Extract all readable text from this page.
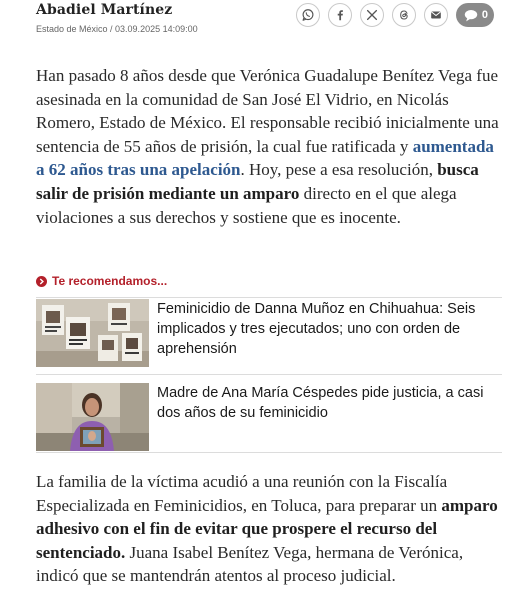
Abadiel Martínez
Estado de México / 03.09.2025 14:09:00
0

Han pasado 8 años desde que Verónica Guadalupe Benítez Vega fue asesinada en la comunidad de San José El Vidrio, en Nicolás Romero, Estado de México. El responsable recibió inicialmente una sentencia de 55 años de prisión, la cual fue ratificada y aumentada a 62 años tras una apelación. Hoy, pese a esa resolución, busca salir de prisión mediante un amparo directo en el que alega violaciones a sus derechos y sostiene que es inocente.

Te recomendamos...
Feminicidio de Danna Muñoz en Chihuahua: Seis implicados y tres ejecutados; uno con orden de aprehensión
Madre de Ana María Céspedes pide justicia, a casi dos años de su feminicidio

La familia de la víctima acudió a una reunión con la Fiscalía Especializada en Feminicidios, en Toluca, para preparar un amparo adhesivo con el fin de evitar que prospere el recurso del sentenciado. Juana Isabel Benítez Vega, hermana de Verónica, indicó que se mantendrán atentos al proceso judicial.
